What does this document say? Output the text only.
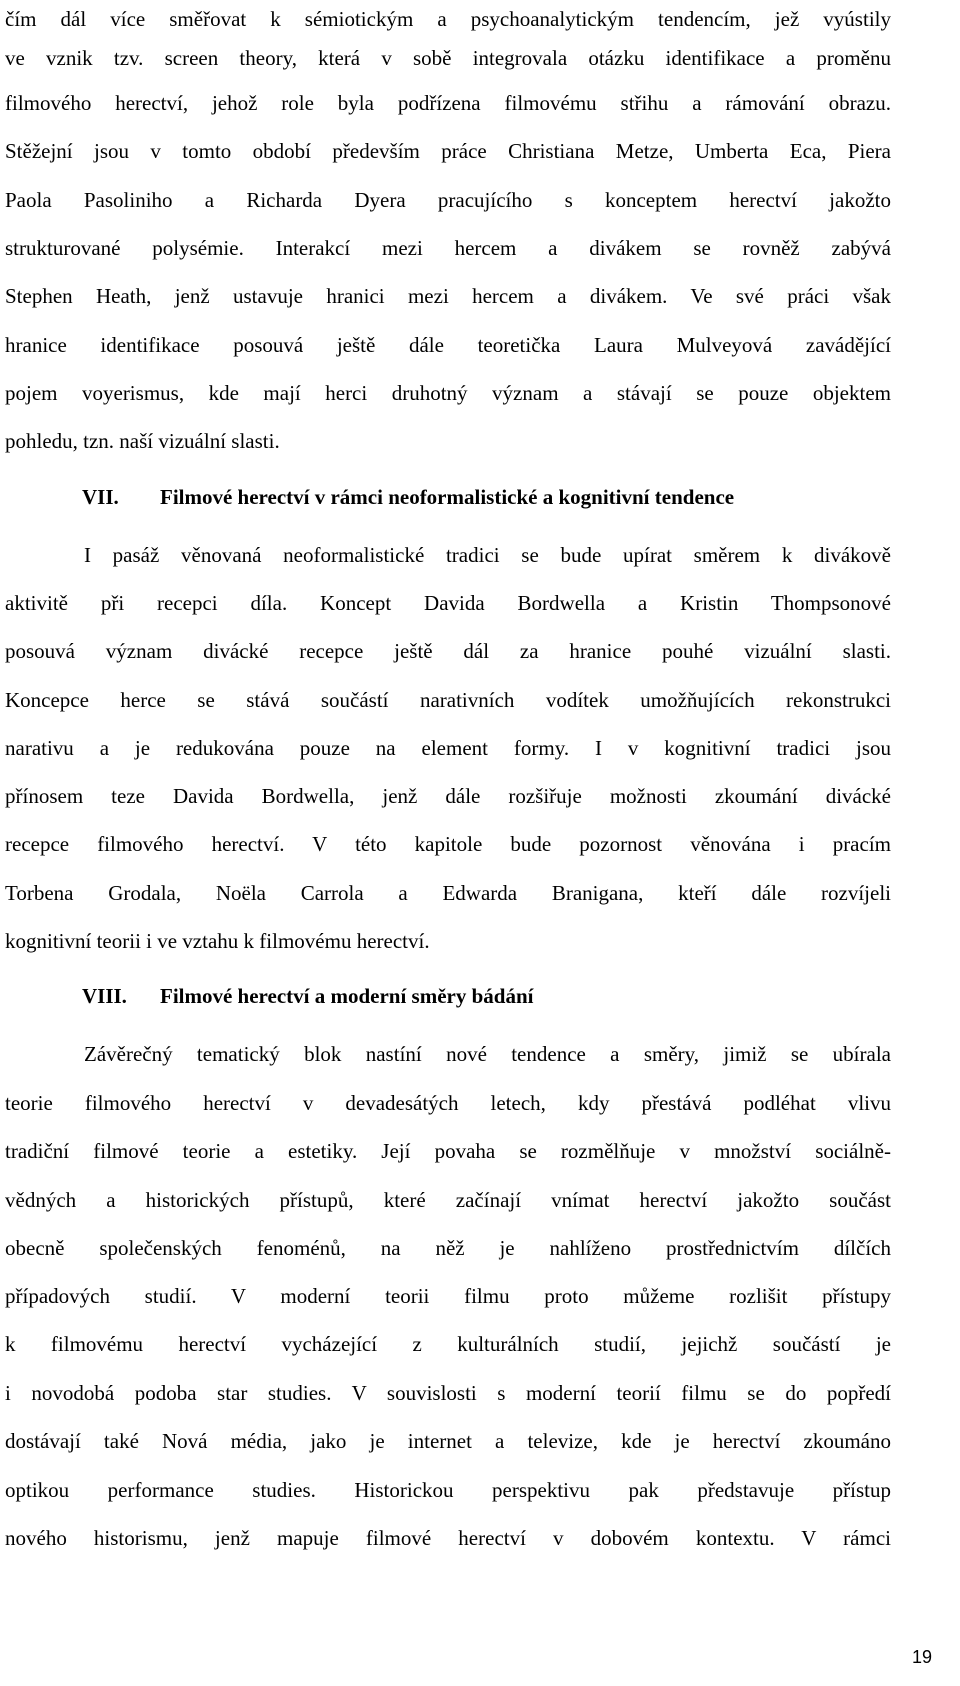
čím dál více směřovat k sémiotickým a psychoanalytickým tendencím, jež vyústily
ve vznik tzv. screen theory, která v sobě integrovala otázku identifikace a proměnu
filmového herectví, jehož role byla podřízena filmovému střihu a rámování obrazu.
Stěžejní jsou v tomto období především práce Christiana Metze, Umberta Eca, Piera
Paola Pasoliniho a Richarda Dyera pracujícího s konceptem herectví jakožto
strukturované polysémie. Interakcí mezi hercem a divákem se rovněž zabývá
Stephen Heath, jenž ustavuje hranici mezi hercem a divákem. Ve své práci však
hranice identifikace posouvá ještě dále teoretička Laura Mulveyová zavádějící
pojem voyerismus, kde mají herci druhotný význam a stávají se pouze objektem
pohledu, tzn. naší vizuální slasti.
VII. Filmové herectví v rámci neoformalistické a kognitivní tendence
I pasáž věnovaná neoformalistické tradici se bude upírat směrem k divákově
aktivitě při recepci díla. Koncept Davida Bordwella a Kristin Thompsonové
posouvá význam divácké recepce ještě dál za hranice pouhé vizuální slasti.
Koncepce herce se stává součástí narativních vodítek umožňujících rekonstrukci
narativu a je redukována pouze na element formy. I v kognitivní tradici jsou
přínosem teze Davida Bordwella, jenž dále rozšiřuje možnosti zkoumání divácké
recepce filmového herectví. V této kapitole bude pozornost věnována i pracím
Torbena Grodala, Noëla Carrola a Edwarda Branigana, kteří dále rozvíjeli
kognitivní teorii i ve vztahu k filmovému herectví.
VIII. Filmové herectví a moderní směry bádání
Závěrečný tematický blok nastíní nové tendence a směry, jimiž se ubírala
teorie filmového herectví v devadesátých letech, kdy přestává podléhat vlivu
tradiční filmové teorie a estetiky. Její povaha se rozmělňuje v množství sociálně-
vědných a historických přístupů, které začínají vnímat herectví jakožto součást
obecně společenských fenoménů, na něž je nahlíženo prostřednictvím dílčích
případových studií. V moderní teorii filmu proto můžeme rozlišit přístupy
k filmovému herectví vycházející z kulturálních studií, jejichž součástí je
i novodobá podoba star studies. V souvislosti s moderní teorií filmu se do popředí
dostávají také Nová média, jako je internet a televize, kde je herectví zkoumáno
optikou performance studies. Historickou perspektivu pak představuje přístup
nového historismu, jenž mapuje filmové herectví v dobovém kontextu. V rámci
19
